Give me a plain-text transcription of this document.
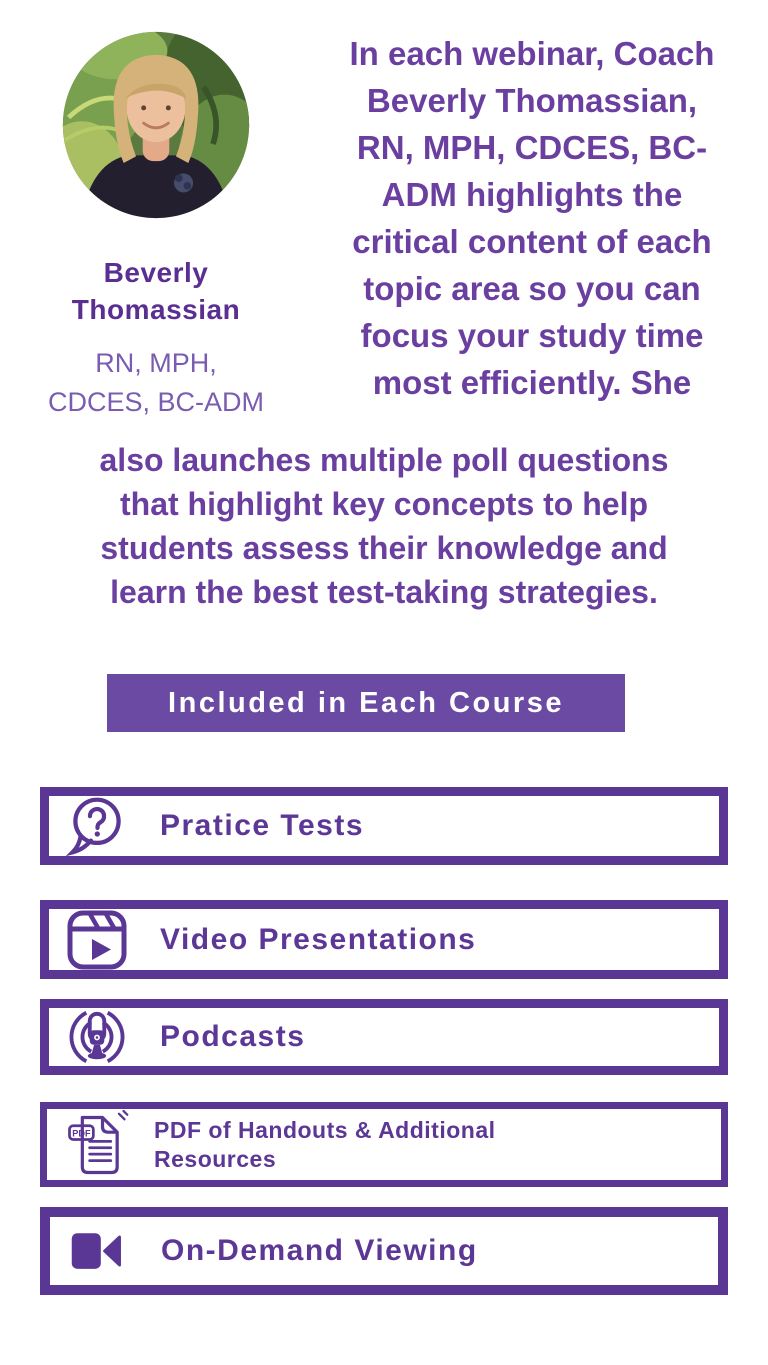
Beverly
Thomassian
RN, MPH,
CDCES, BC-ADM
In each webinar, Coach
Beverly Thomassian,
RN, MPH, CDCES, BC-
ADM highlights the
critical content of each
topic area so you can
focus your study time
most efficiently. She
also launches multiple poll questions
that highlight key concepts to help
students assess their knowledge and
learn the best test-taking strategies.
Included in Each Course
Pratice Tests
Video Presentations
Podcasts
PDF	PDF of Handouts & Additional
Resources
On-Demand Viewing
